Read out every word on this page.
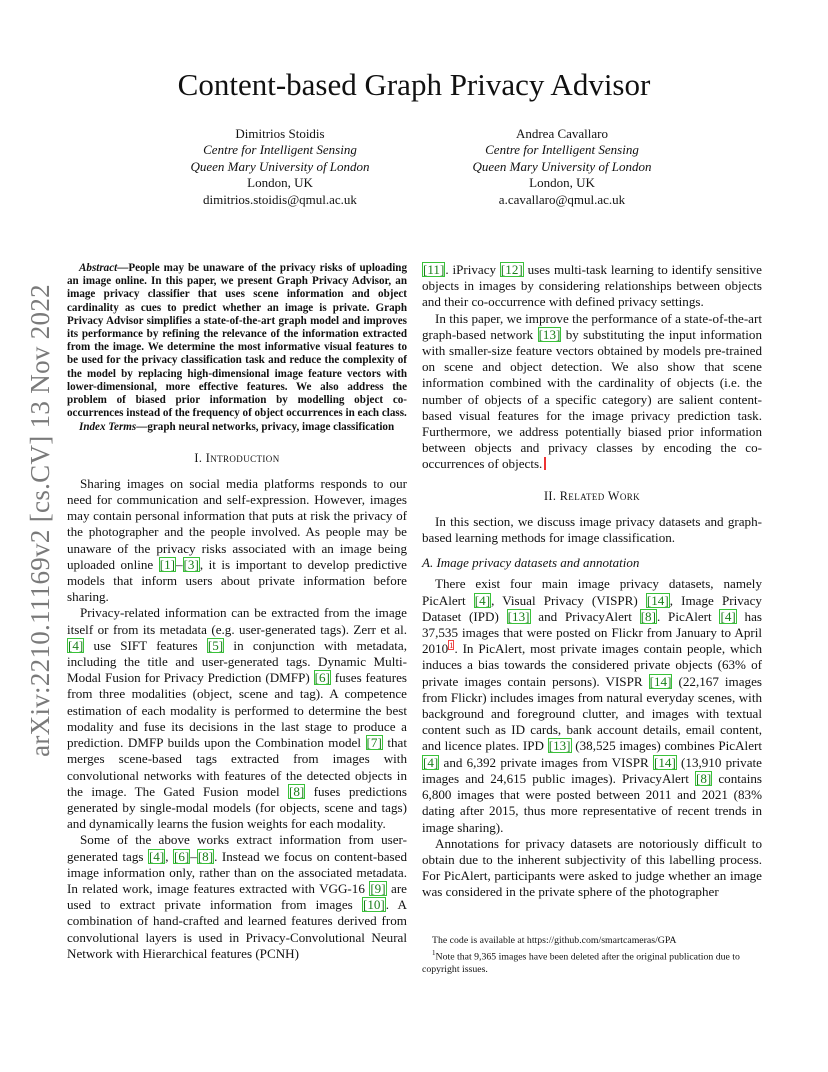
arXiv:2210.11169v2 [cs.CV] 13 Nov 2022
Content-based Graph Privacy Advisor
Dimitrios Stoidis
Centre for Intelligent Sensing
Queen Mary University of London
London, UK
dimitrios.stoidis@qmul.ac.uk
Andrea Cavallaro
Centre for Intelligent Sensing
Queen Mary University of London
London, UK
a.cavallaro@qmul.ac.uk

Abstract—People may be unaware of the privacy risks of uploading an image online. In this paper, we present Graph Privacy Advisor, an image privacy classifier that uses scene information and object cardinality as cues to predict whether an image is private. Graph Privacy Advisor simplifies a state-of-the-art graph model and improves its performance by refining the relevance of the information extracted from the image. We determine the most informative visual features to be used for the privacy classification task and reduce the complexity of the model by replacing high-dimensional image feature vectors with lower-dimensional, more effective features. We also address the problem of biased prior information by modelling object co-occurrences instead of the frequency of object occurrences in each class.

Index Terms—graph neural networks, privacy, image classification

I. Introduction

Sharing images on social media platforms responds to our need for communication and self-expression. However, images may contain personal information that puts at risk the privacy of the photographer and the people involved. As people may be unaware of the privacy risks associated with an image being uploaded online [1]–[3], it is important to develop predictive models that inform users about private information before sharing.

Privacy-related information can be extracted from the image itself or from its metadata (e.g. user-generated tags). Zerr et al. [4] use SIFT features [5] in conjunction with metadata, including the title and user-generated tags. Dynamic Multi-Modal Fusion for Privacy Prediction (DMFP) [6] fuses features from three modalities (object, scene and tag). A competence estimation of each modality is performed to determine the best modality and fuse its decisions in the last stage to produce a prediction. DMFP builds upon the Combination model [7] that merges scene-based tags extracted from images with convolutional networks with features of the detected objects in the image. The Gated Fusion model [8] fuses predictions generated by single-modal models (for objects, scene and tags) and dynamically learns the fusion weights for each modality.

Some of the above works extract information from user-generated tags [4], [6]–[8]. Instead we focus on content-based image information only, rather than on the associated metadata. In related work, image features extracted with VGG-16 [9] are used to extract private information from images [10]. A combination of hand-crafted and learned features derived from convolutional layers is used in Privacy-Convolutional Neural Network with Hierarchical features (PCNH)

[11]. iPrivacy [12] uses multi-task learning to identify sensitive objects in images by considering relationships between objects and their co-occurrence with defined privacy settings.

In this paper, we improve the performance of a state-of-the-art graph-based network [13] by substituting the input information with smaller-size feature vectors obtained by models pre-trained on scene and object detection. We also show that scene information combined with the cardinality of objects (i.e. the number of objects of a specific category) are salient content-based visual features for the image privacy prediction task. Furthermore, we address potentially biased prior information between objects and privacy classes by encoding the co-occurrences of objects.

II. Related Work

In this section, we discuss image privacy datasets and graph-based learning methods for image classification.

A. Image privacy datasets and annotation

There exist four main image privacy datasets, namely PicAlert [4], Visual Privacy (VISPR) [14], Image Privacy Dataset (IPD) [13] and PrivacyAlert [8]. PicAlert [4] has 37,535 images that were posted on Flickr from January to April 2010$^1$. In PicAlert, most private images contain people, which induces a bias towards the considered private objects (63% of private images contain persons). VISPR [14] (22,167 images from Flickr) includes images from natural everyday scenes, with background and foreground clutter, and images with textual content such as ID cards, bank account details, email content, and licence plates. IPD [13] (38,525 images) combines PicAlert [4] and 6,392 private images from VISPR [14] (13,910 private images and 24,615 public images). PrivacyAlert [8] contains 6,800 images that were posted between 2011 and 2021 (83% dating after 2015, thus more representative of recent trends in image sharing).

Annotations for privacy datasets are notoriously difficult to obtain due to the inherent subjectivity of this labelling process. For PicAlert, participants were asked to judge whether an image was considered in the private sphere of the photographer

The code is available at https://github.com/smartcameras/GPA

$^1$Note that 9,365 images have been deleted after the original publication due to copyright issues.
